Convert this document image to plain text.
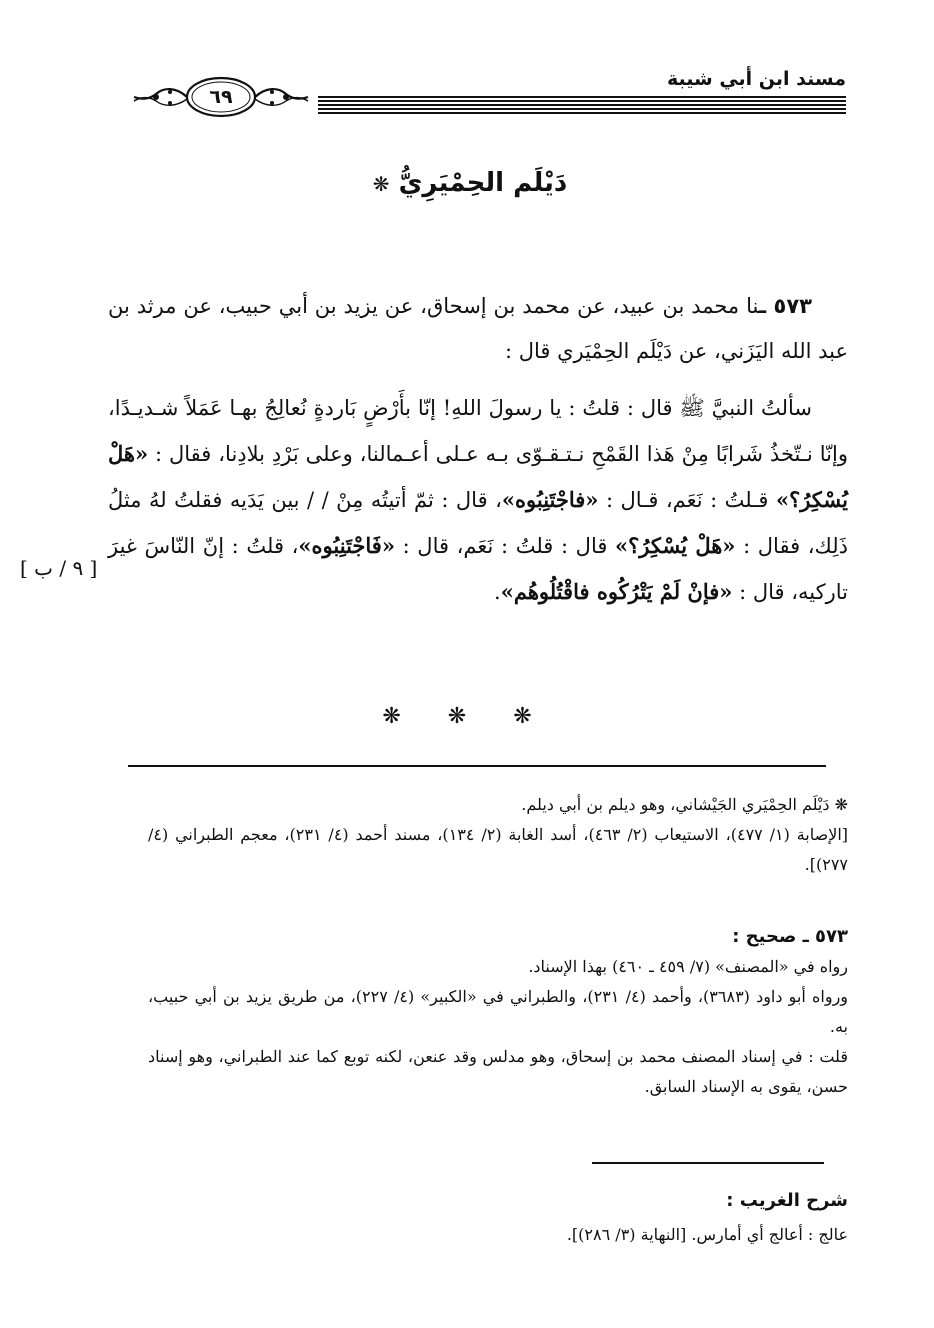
مسند ابن أبي شيبة
٦٩
دَيْلَم الحِمْيَرِيُّ ❋

٥٧٣ ـنا محمد بن عبيد، عن محمد بن إسحاق، عن يزيد بن أبي حبيب، عن مرثد بن عبد الله اليَزَني، عن دَيْلَم الحِمْيَري قال :

سألتُ النبيَّ ﷺ قال : قلتُ : يا رسولَ اللهِ! إنّا بأَرْضٍ بَاردةٍ نُعالِجُ بهـا عَمَلاً شـديـدًا، وإنّا نـتّخذُ شَرابًا مِنْ هَذا القَمْحِ نـتـقـوّى بـه عـلى أعـمالنا، وعلى بَرْدِ بلادِنا، فقال : «هَلْ يُسْكِرُ؟» قـلتُ : نَعَم، قـال : «فاجْتَنِبُوه»، قال : ثمّ أتيتُه مِنْ / / بين يَدَيه فقلتُ لهُ مثلُ ذَلِك، فقال : «هَلْ يُسْكِرُ؟» قال : قلتُ : نَعَم، قال : «فَاجْتَنِبُوه»، قلتُ : إنّ النّاسَ غيرَ تاركيه، قال : «فإنْ لَمْ يَتْرُكُوه فاقْتُلُوهُم».

[ ٩ / ب ]
❋ ❋ ❋

❋ دَيْلَم الحِمْيَري الجَيْشاني، وهو ديلم بن أبي ديلم.

[الإصابة (١/ ٤٧٧)، الاستيعاب (٢/ ٤٦٣)، أسد الغابة (٢/ ١٣٤)، مسند أحمد (٤/ ٢٣١)، معجم الطبراني (٤/ ٢٧٧)].

٥٧٣ ـ صحيح :

رواه في «المصنف» (٧/ ٤٥٩ ـ ٤٦٠) بهذا الإسناد.

ورواه أبو داود (٣٦٨٣)، وأحمد (٤/ ٢٣١)، والطبراني في «الكبير» (٤/ ٢٢٧)، من طريق يزيد بن أبي حبيب، به.

قلت : في إسناد المصنف محمد بن إسحاق، وهو مدلس وقد عنعن، لكنه توبع كما عند الطبراني، وهو إسناد حسن، يقوى به الإسناد السابق.

شرح الغريب :

عالج : أعالج أي أمارس. [النهاية (٣/ ٢٨٦)].
